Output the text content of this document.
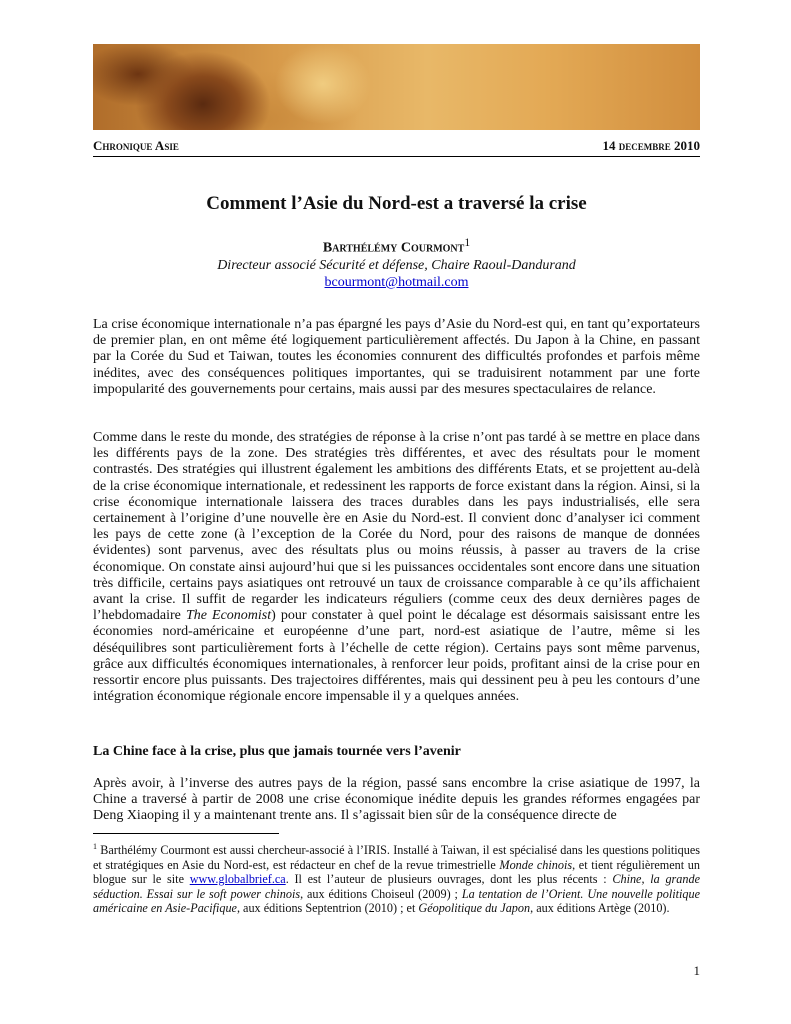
Chronique Asie	14 decembre 2010
Comment l’Asie du Nord-est a traversé la crise
Barthélémy Courmont$^1$
Directeur associé Sécurité et défense, Chaire Raoul-Dandurand
bcourmont@hotmail.com

La crise économique internationale n’a pas épargné les pays d’Asie du Nord-est qui, en tant qu’exportateurs de premier plan, en ont même été logiquement particulièrement affectés. Du Japon à la Chine, en passant par la Corée du Sud et Taiwan, toutes les économies connurent des difficultés profondes et parfois même inédites, avec des conséquences politiques importantes, qui se traduisirent notamment par une forte impopularité des gouvernements pour certains, mais aussi par des mesures spectaculaires de relance.

Comme dans le reste du monde, des stratégies de réponse à la crise n’ont pas tardé à se mettre en place dans les différents pays de la zone. Des stratégies très différentes, et avec des résultats pour le moment contrastés. Des stratégies qui illustrent également les ambitions des différents Etats, et se projettent au-delà de la crise économique internationale, et redessinent les rapports de force existant dans la région. Ainsi, si la crise économique internationale laissera des traces durables dans les pays industrialisés, elle sera certainement à l’origine d’une nouvelle ère en Asie du Nord-est. Il convient donc d’analyser ici comment les pays de cette zone (à l’exception de la Corée du Nord, pour des raisons de manque de données évidentes) sont parvenus, avec des résultats plus ou moins réussis, à passer au travers de la crise économique. On constate ainsi aujourd’hui que si les puissances occidentales sont encore dans une situation très difficile, certains pays asiatiques ont retrouvé un taux de croissance comparable à ce qu’ils affichaient avant la crise. Il suffit de regarder les indicateurs réguliers (comme ceux des deux dernières pages de l’hebdomadaire The Economist) pour constater à quel point le décalage est désormais saisissant entre les économies nord-américaine et européenne d’une part, nord-est asiatique de l’autre, même si les déséquilibres sont particulièrement forts à l’échelle de cette région). Certains pays sont même parvenus, grâce aux difficultés économiques internationales, à renforcer leur poids, profitant ainsi de la crise pour en ressortir encore plus puissants. Des trajectoires différentes, mais qui dessinent peu à peu les contours d’une intégration économique régionale encore impensable il y a quelques années.

La Chine face à la crise, plus que jamais tournée vers l’avenir

Après avoir, à l’inverse des autres pays de la région, passé sans encombre la crise asiatique de 1997, la Chine a traversé à partir de 2008 une crise économique inédite depuis les grandes réformes engagées par Deng Xiaoping il y a maintenant trente ans. Il s’agissait bien sûr de la conséquence directe de

$^1$ Barthélémy Courmont est aussi chercheur-associé à l’IRIS. Installé à Taiwan, il est spécialisé dans les questions politiques et stratégiques en Asie du Nord-est, est rédacteur en chef de la revue trimestrielle Monde chinois, et tient régulièrement un blogue sur le site www.globalbrief.ca. Il est l’auteur de plusieurs ouvrages, dont les plus récents : Chine, la grande séduction. Essai sur le soft power chinois, aux éditions Choiseul (2009) ; La tentation de l’Orient. Une nouvelle politique américaine en Asie-Pacifique, aux éditions Septentrion (2010) ; et Géopolitique du Japon, aux éditions Artège (2010).

1
